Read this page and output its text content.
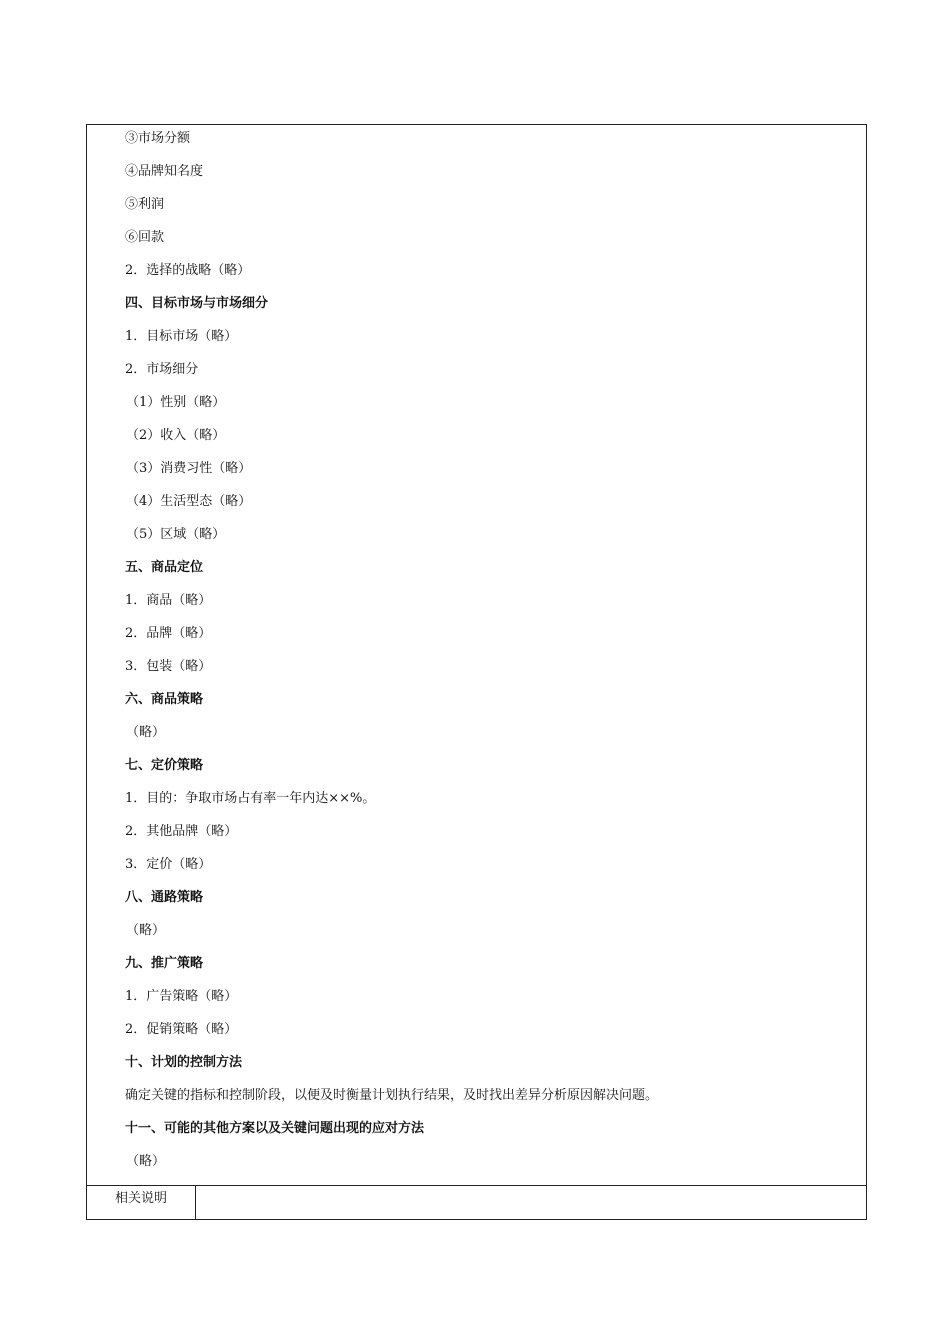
③市场分额
④品牌知名度
⑤利润
⑥回款
2．选择的战略（略）
四、目标市场与市场细分
1．目标市场（略）
2．市场细分
（1）性别（略）
（2）收入（略）
（3）消费习性（略）
（4）生活型态（略）
（5）区域（略）
五、商品定位
1．商品（略）
2．品牌（略）
3．包装（略）
六、商品策略
（略）
七、定价策略
1．目的：争取市场占有率一年内达××%。
2．其他品牌（略）
3．定价（略）
八、通路策略
（略）
九、推广策略
1．广告策略（略）
2．促销策略（略）
十、计划的控制方法
确定关键的指标和控制阶段，以便及时衡量计划执行结果，及时找出差异分析原因解决问题。
十一、可能的其他方案以及关键问题出现的应对方法
（略）
相关说明
